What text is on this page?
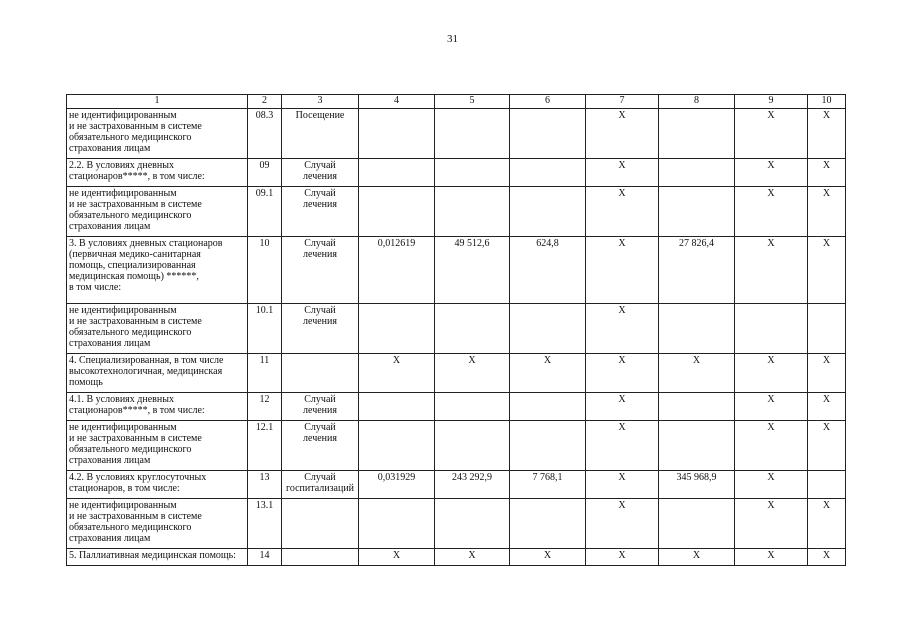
31
1	2	3	4	5	6	7	8	9	10
не идентифицированным
и не застрахованным в системе
обязательного медицинского
страхования лицам	08.3	Посещение				Х		Х	Х
2.2. В условиях дневных
стационаров*****, в том числе:	09	Случай
лечения				Х		Х	Х
не идентифицированным
и не застрахованным в системе
обязательного медицинского
страхования лицам	09.1	Случай
лечения				Х		Х	Х
3. В условиях дневных стационаров
(первичная медико-санитарная
помощь, специализированная
медицинская помощь) ******,
в том числе:	10	Случай
лечения	0,012619	49 512,6	624,8	Х	27 826,4	Х	Х
не идентифицированным
и не застрахованным в системе
обязательного медицинского
страхования лицам	10.1	Случай
лечения				Х			
4. Специализированная, в том числе
высокотехнологичная, медицинская
помощь	11		Х	Х	Х	Х	Х	Х	Х
4.1. В условиях дневных
стационаров*****, в том числе:	12	Случай
лечения				Х		Х	Х
не идентифицированным
и не застрахованным в системе
обязательного медицинского
страхования лицам	12.1	Случай
лечения				Х		Х	Х
4.2. В условиях круглосуточных
стационаров, в том числе:	13	Случай
госпитализаций	0,031929	243 292,9	7 768,1	Х	345 968,9	Х	
не идентифицированным
и не застрахованным в системе
обязательного медицинского
страхования лицам	13.1					Х		Х	Х
5. Паллиативная медицинская помощь:	14		Х	Х	Х	Х	Х	Х	Х
